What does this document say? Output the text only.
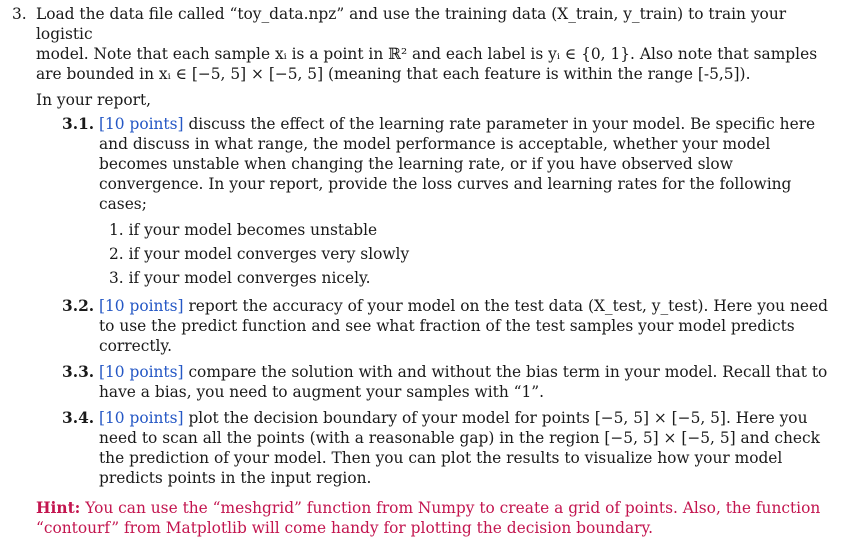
3. Load the data file called “toy_data.npz” and use the training data (X_train, y_train) to train your logistic
model. Note that each sample xᵢ is a point in ℝ² and each label is yᵢ ∈ {0, 1}. Also note that samples
are bounded in xᵢ ∈ [−5, 5] × [−5, 5] (meaning that each feature is within the range [-5,5]).

In your report,

3.1. [10 points] discuss the effect of the learning rate parameter in your model. Be specific here and discuss in what range, the model performance is acceptable, whether your model becomes unstable when changing the learning rate, or if you have observed slow convergence. In your report, provide the loss curves and learning rates for the following cases;
1. if your model becomes unstable
2. if your model converges very slowly
3. if your model converges nicely.
3.2. [10 points] report the accuracy of your model on the test data (X_test, y_test). Here you need to use the predict function and see what fraction of the test samples your model predicts correctly.
3.3. [10 points] compare the solution with and without the bias term in your model. Recall that to have a bias, you need to augment your samples with “1”.
3.4. [10 points] plot the decision boundary of your model for points [−5, 5] × [−5, 5]. Here you need to scan all the points (with a reasonable gap) in the region [−5, 5] × [−5, 5] and check the prediction of your model. Then you can plot the results to visualize how your model predicts points in the input region.

Hint: You can use the “meshgrid” function from Numpy to create a grid of points. Also, the function “contourf” from Matplotlib will come handy for plotting the decision boundary.
